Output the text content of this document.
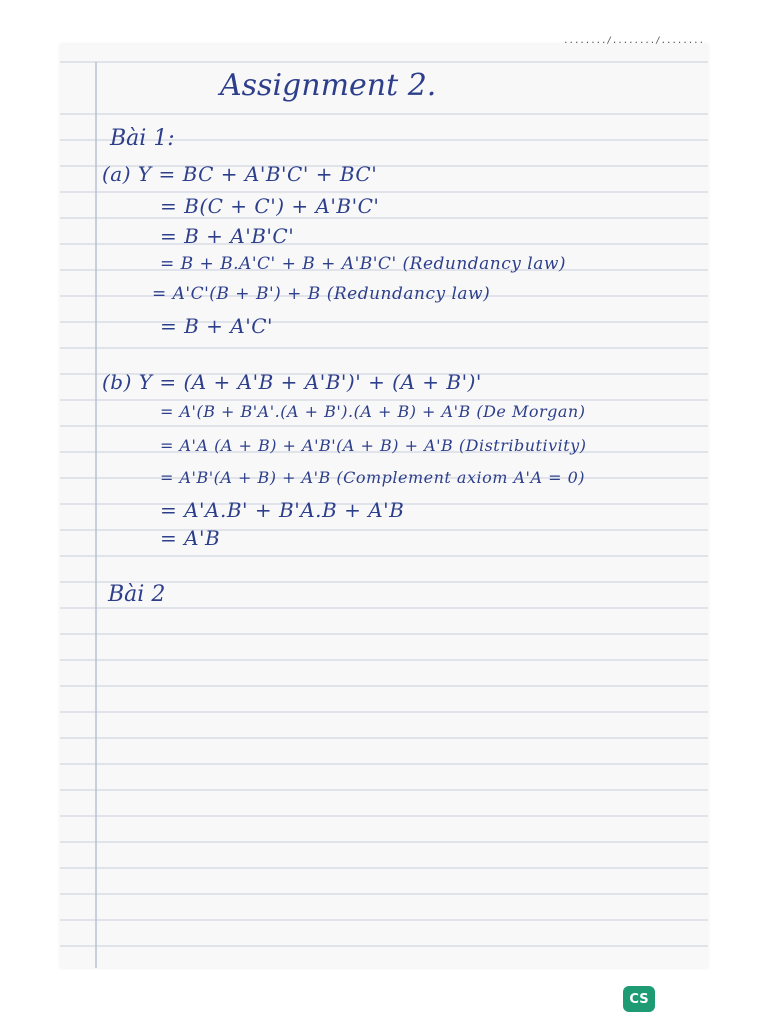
......../......../........
Assignment 2.
Bài 1:
(a) Y = BC + A'B'C' + BC'
= B(C + C') + A'B'C'
= B + A'B'C'
= B + B.A'C' + B + A'B'C' (Redundancy law)
= A'C'(B + B') + B (Redundancy law)
= B + A'C'
(b) Y = (A + A'B + A'B')' + (A + B')'
= A'(B + B'A'.(A + B').(A + B) + A'B (De Morgan)
= A'A (A + B) + A'B'(A + B) + A'B (Distributivity)
= A'B'(A + B) + A'B (Complement axiom A'A = 0)
= A'A.B' + B'A.B + A'B
= A'B
Bài 2
CS
